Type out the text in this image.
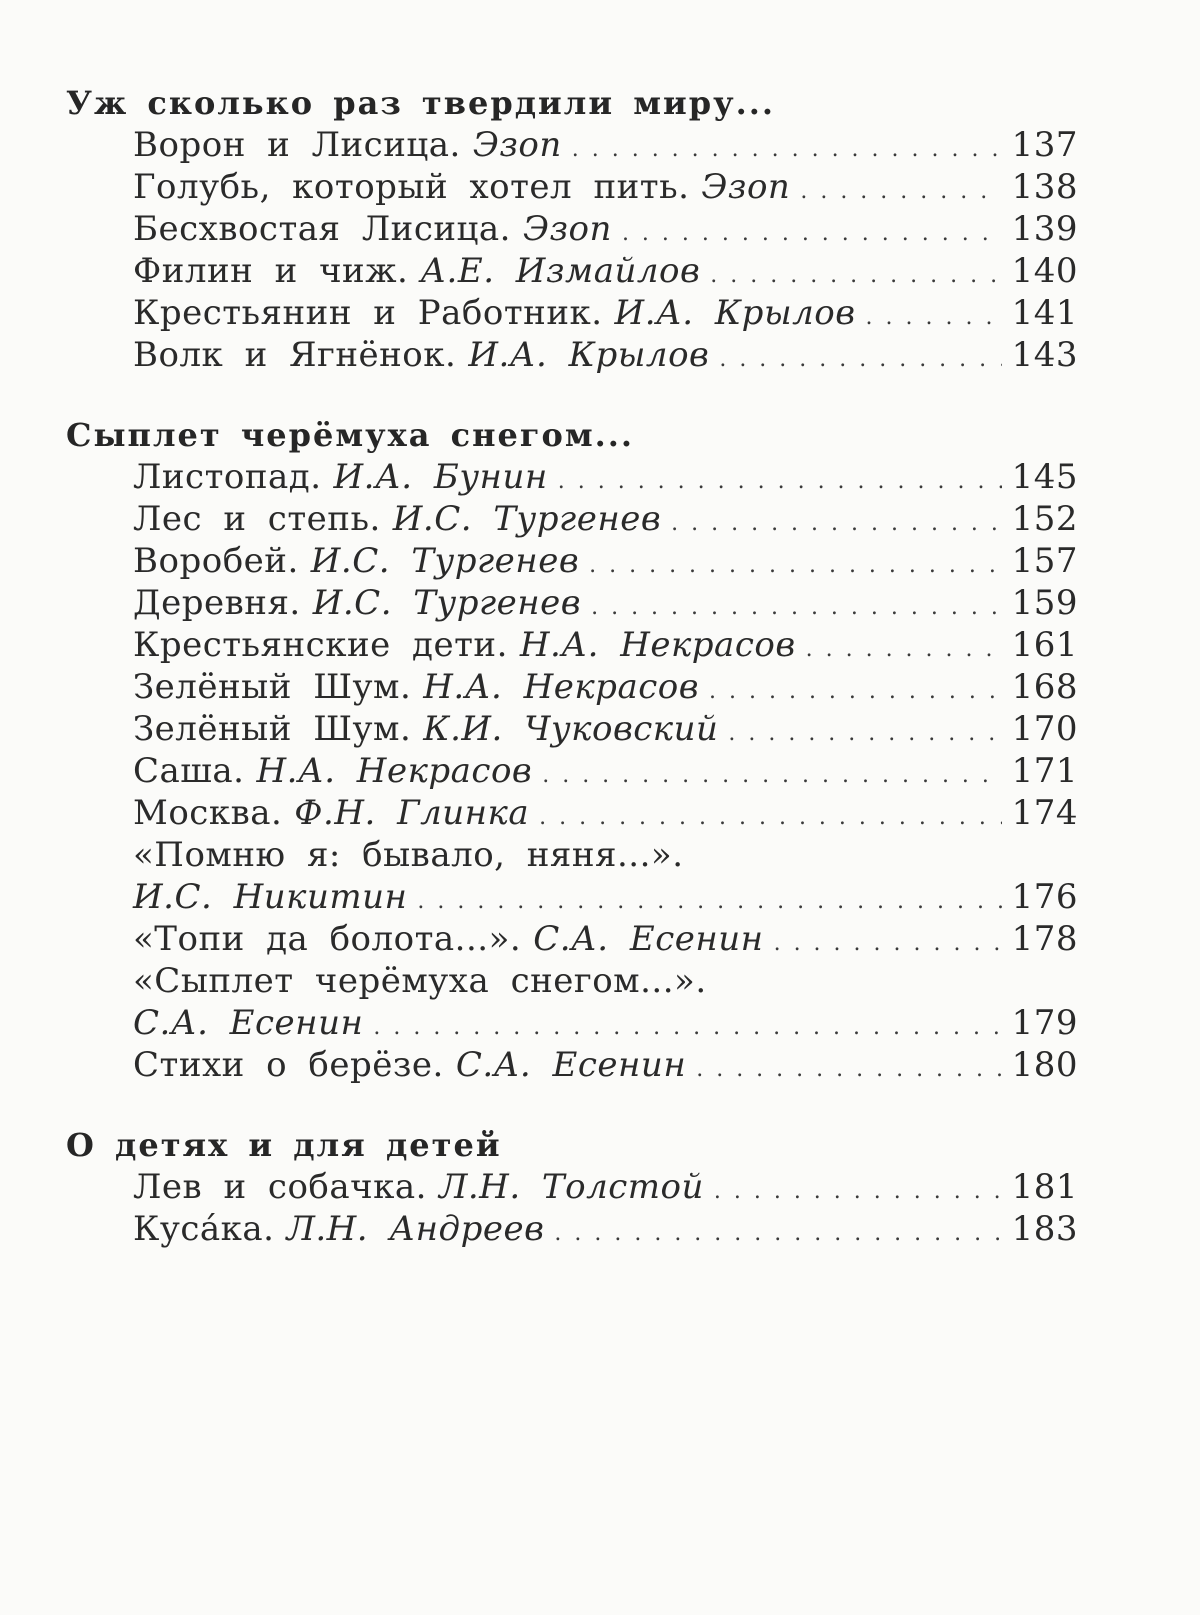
Уж сколько раз твердили миру...
Ворон и Лисица. Эзоп . . .	137
Голубь, который хотел пить. Эзоп . . .	138
Бесхвостая Лисица. Эзоп . . .	139
Филин и чиж. А.Е. Измайлов . . .	140
Крестьянин и Работник. И.А. Крылов . . .	141
Волк и Ягнёнок. И.А. Крылов . . .	143
Сыплет черёмуха снегом...
Листопад. И.А. Бунин . . .	145
Лес и степь. И.С. Тургенев . . .	152
Воробей. И.С. Тургенев . . .	157
Деревня. И.С. Тургенев . . .	159
Крестьянские дети. Н.А. Некрасов . . .	161
Зелёный Шум. Н.А. Некрасов . . .	168
Зелёный Шум. К.И. Чуковский . . .	170
Саша. Н.А. Некрасов . . .	171
Москва. Ф.Н. Глинка . . .	174
«Помню я: бывало, няня...».
И.С. Никитин . . .	176
«Топи да болота...». С.А. Есенин . . .	178
«Сыплет черёмуха снегом...».
С.А. Есенин . . .	179
Стихи о берёзе. С.А. Есенин . . .	180
О детях и для детей
Лев и собачка. Л.Н. Толстой . . .	181
Кусáка. Л.Н. Андреев . . .	183
